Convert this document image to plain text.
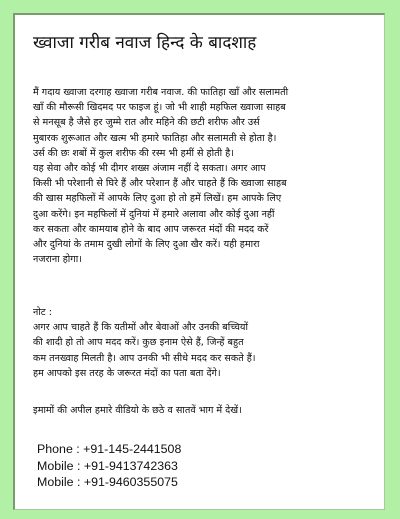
ख्वाजा गरीब नवाज हिन्द के बादशाह
मैं गदाय ख्वाजा दरगाह ख्वाजा गरीब नवाज. की फातिहा खाँ और सलामती
खाँ की मौरूसी खिदमद पर फाइज हूं। जो भी शाही महफिल ख्वाजा साहब
से मनसूब है जैसे हर जुम्मे रात और महिने की छटी शरीफ और उर्स
मुबारक शुरूआत और खत्म भी हमारे फातिहा और सलामती से होता है।
उर्स की छः शबों में कुल शरीफ की रस्म भी हमीं से होती है।
यह सेवा और कोई भी दीगर शख्स अंजाम नहीं दे सकता। अगर आप
किसी भी परेशानी से घिरे हैं और परेशान हैं और चाहते हैं कि ख्वाजा साहब
की खास महफिलों में आपके लिए दुआ हो तो हमें लिखें। हम आपके लिए
दुआ करेंगे। इन महफिलों में दुनियां में हमारे अलावा और कोई दुआ नहीं
कर सकता और कामयाब होने के बाद आप जरूरत मंदों की मदद करें
और दुनियां के तमाम दुखी लोगों के लिए दुआ खैर करें। यही हमारा
नजराना होगा।
नोट :
अगर आप चाहते हैं कि यतीमों और बेवाओं और उनकी बच्चियों
की शादी हो तो आप मदद करें। कुछ इनाम ऐसे हैं, जिन्हें बहुत
कम तनख्वाह मिलती है। आप उनकी भी सीधे मदद कर सकते हैं।
हम आपको इस तरह के जरूरत मंदों का पता बता देंगे।
इमामों की अपील हमारे वीडियो के छठे व सातवें भाग में देखें।
Phone : +91-145-2441508
Mobile : +91-9413742363
Mobile : +91-9460355075
